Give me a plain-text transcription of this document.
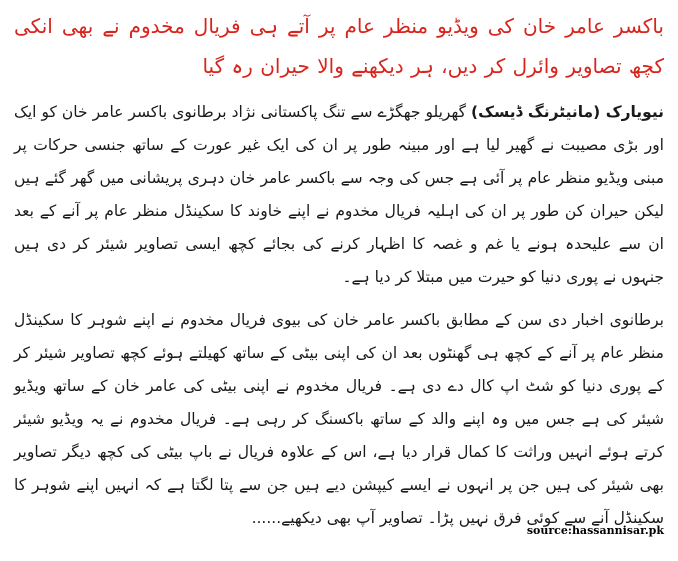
باکسر عامر خان کی ویڈیو منظر عام پر آتے ہی فریال مخدوم نے بھی انکی کچھ تصاویر وائرل کر دیں، ہر دیکھنے والا حیران رہ گیا

نیویارک (مانیٹرنگ ڈیسک) گھریلو جھگڑے سے تنگ پاکستانی نژاد برطانوی باکسر عامر خان کو ایک اور بڑی مصیبت نے گھیر لیا ہے اور مبینہ طور پر ان کی ایک غیر عورت کے ساتھ جنسی حرکات پر مبنی ویڈیو منظر عام پر آئی ہے جس کی وجہ سے باکسر عامر خان دہری پریشانی میں گھر گئے ہیں لیکن حیران کن طور پر ان کی اہلیہ فریال مخدوم نے اپنے خاوند کا سکینڈل منظر عام پر آنے کے بعد ان سے علیحدہ ہونے یا غم و غصہ کا اظہار کرنے کی بجائے کچھ ایسی تصاویر شیئر کر دی ہیں جنہوں نے پوری دنیا کو حیرت میں مبتلا کر دیا ہے۔

برطانوی اخبار دی سن کے مطابق باکسر عامر خان کی بیوی فریال مخدوم نے اپنے شوہر کا سکینڈل منظر عام پر آنے کے کچھ ہی گھنٹوں بعد ان کی اپنی بیٹی کے ساتھ کھیلتے ہوئے کچھ تصاویر شیئر کر کے پوری دنیا کو شٹ اپ کال دے دی ہے۔ فریال مخدوم نے اپنی بیٹی کی عامر خان کے ساتھ ویڈیو شیئر کی ہے جس میں وہ اپنے والد کے ساتھ باکسنگ کر رہی ہے۔ فریال مخدوم نے یہ ویڈیو شیئر کرتے ہوئے انہیں وراثت کا کمال قرار دیا ہے، اس کے علاوہ فریال نے باپ بیٹی کی کچھ دیگر تصاویر بھی شیئر کی ہیں جن پر انہوں نے ایسے کیپشن دیے ہیں جن سے پتا لگتا ہے کہ انہیں اپنے شوہر کا سکینڈل آنے سے کوئی فرق نہیں پڑا۔ تصاویر آپ بھی دیکھیے......

source:hassannisar.pk
